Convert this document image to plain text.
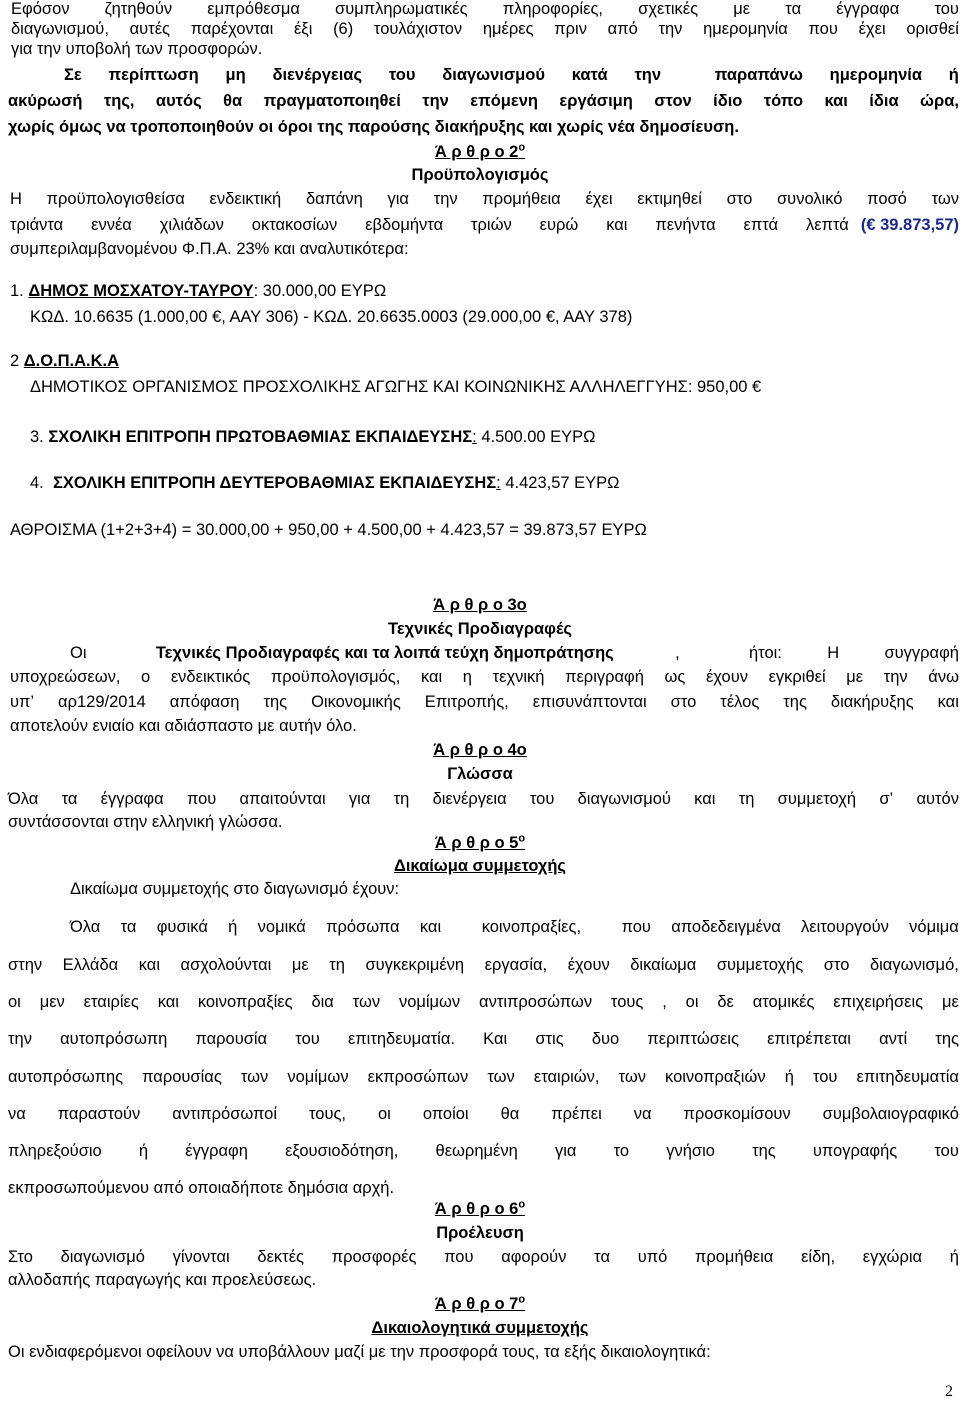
Εφόσον ζητηθούν εμπρόθεσμα συμπληρωματικές πληροφορίες, σχετικές με τα έγγραφα του
διαγωνισμού, αυτές παρέχονται έξι (6) τουλάχιστον ημέρες πριν από την ημερομηνία που έχει ορισθεί
για την υποβολή των προσφορών.
Σε περίπτωση μη διενέργειας του διαγωνισμού κατά την	παραπάνω ημερομηνία ή
ακύρωσή της, αυτός θα πραγματοποιηθεί την επόμενη εργάσιμη στον ίδιο τόπο και ίδια ώρα,
χωρίς όμως να τροποποιηθούν οι όροι της παρούσης διακήρυξης και χωρίς νέα δημοσίευση.
Ά ρ θ ρ ο $2^o$
Προϋπολογισμός
Η προϋπολογισθείσα ενδεικτική δαπάνη για την προμήθεια έχει εκτιμηθεί στο συνολικό ποσό των
τριάντα εννέα χιλιάδων οκτακοσίων εβδομήντα τριών ευρώ και πενήντα επτά λεπτά (€ 39.873,57)
συμπεριλαμβανομένου Φ.Π.Α. 23% και αναλυτικότερα:
1. ΔΗΜΟΣ ΜΟΣΧΑΤΟΥ-ΤΑΥΡΟΥ: 30.000,00 ΕΥΡΩ
ΚΩΔ. 10.6635 (1.000,00 €, ΑΑΥ 306) - ΚΩΔ. 20.6635.0003 (29.000,00 €, ΑΑΥ 378)
2 Δ.Ο.Π.Α.Κ.Α
ΔΗΜΟΤΙΚΟΣ ΟΡΓΑΝΙΣΜΟΣ ΠΡΟΣΧΟΛΙΚΗΣ ΑΓΩΓΗΣ ΚΑΙ ΚΟΙΝΩΝΙΚΗΣ ΑΛΛΗΛΕΓΓΥΗΣ: 950,00 €
3. ΣΧΟΛΙΚΗ ΕΠΙΤΡΟΠΗ ΠΡΩΤΟΒΑΘΜΙΑΣ ΕΚΠΑΙΔΕΥΣΗΣ: 4.500.00 ΕΥΡΩ
4. ΣΧΟΛΙΚΗ ΕΠΙΤΡΟΠΗ ΔΕΥΤΕΡΟΒΑΘΜΙΑΣ ΕΚΠΑΙΔΕΥΣΗΣ: 4.423,57 ΕΥΡΩ
ΑΘΡΟΙΣΜΑ (1+2+3+4) = 30.000,00 + 950,00 + 4.500,00 + 4.423,57 = 39.873,57 ΕΥΡΩ
Ά ρ θ ρ ο 3ο
Τεχνικές Προδιαγραφές
Οι	Τεχνικές Προδιαγραφές και τα λοιπά τεύχη δημοπράτησης	,	ήτοι:	Η	συγγραφή
υποχρεώσεων, ο ενδεικτικός προϋπολογισμός, και η τεχνική περιγραφή ως έχουν εγκριθεί με την άνω
υπ’ αρ129/2014 απόφαση της Οικονομικής Επιτροπής, επισυνάπτονται στο τέλος της διακήρυξης και
αποτελούν ενιαίο και αδιάσπαστο με αυτήν όλο.
Ά ρ θ ρ ο 4ο
Γλώσσα
Όλα τα έγγραφα που απαιτούνται για τη διενέργεια του διαγωνισμού και τη συμμετοχή σ’ αυτόν
συντάσσονται στην ελληνική γλώσσα.
Ά ρ θ ρ ο $5^o$
Δικαίωμα συμμετοχής
Δικαίωμα συμμετοχής στο διαγωνισμό έχουν:
Όλα τα φυσικά ή νομικά πρόσωπα και κοινοπραξίες, που αποδεδειγμένα λειτουργούν νόμιμα
στην Ελλάδα και ασχολούνται με τη συγκεκριμένη εργασία, έχουν δικαίωμα συμμετοχής στο διαγωνισμό,
οι μεν εταιρίες και κοινοπραξίες δια των νομίμων αντιπροσώπων τους , οι δε ατομικές επιχειρήσεις με
την αυτοπρόσωπη παρουσία του επιτηδευματία. Και στις δυο περιπτώσεις επιτρέπεται αντί της
αυτοπρόσωπης παρουσίας των νομίμων εκπροσώπων των εταιριών, των κοινοπραξιών ή του επιτηδευματία
να παραστούν αντιπρόσωποί τους, οι οποίοι θα πρέπει να προσκομίσουν συμβολαιογραφικό
πληρεξούσιο ή έγγραφη εξουσιοδότηση, θεωρημένη για το γνήσιο της υπογραφής του
εκπροσωπούμενου από οποιαδήποτε δημόσια αρχή.
Ά ρ θ ρ ο $6^o$
Προέλευση
Στο διαγωνισμό γίνονται δεκτές προσφορές που αφορούν τα υπό προμήθεια είδη, εγχώρια ή
αλλοδαπής παραγωγής και προελεύσεως.
Ά ρ θ ρ ο $7^o$
Δικαιολογητικά συμμετοχής
Οι ενδιαφερόμενοι οφείλουν να υποβάλλουν μαζί με την προσφορά τους, τα εξής δικαιολογητικά:
2
